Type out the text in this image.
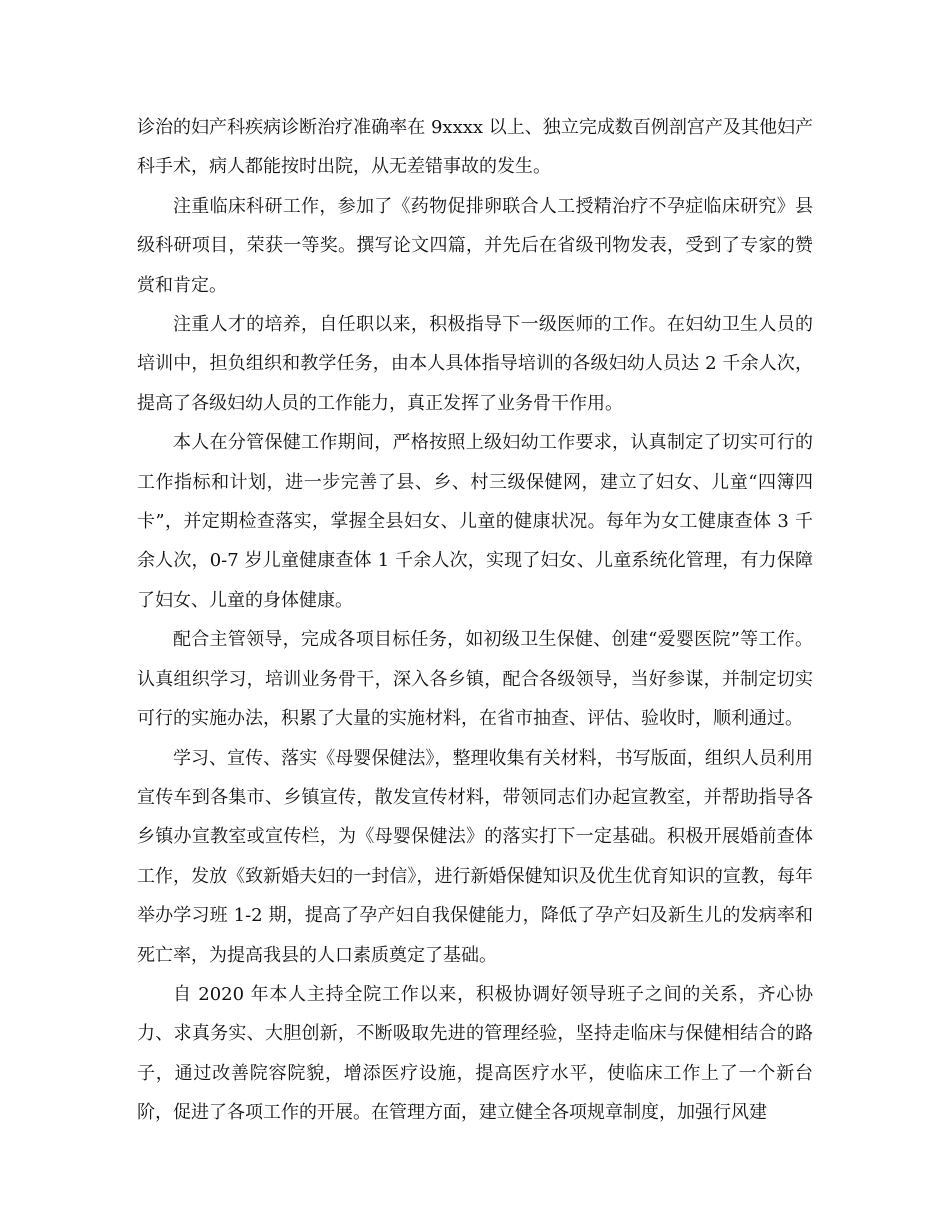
诊治的妇产科疾病诊断治疗准确率在 9xxxx 以上、独立完成数百例剖宫产及其他妇产科手术，病人都能按时出院，从无差错事故的发生。

注重临床科研工作，参加了《药物促排卵联合人工授精治疗不孕症临床研究》县级科研项目，荣获一等奖。撰写论文四篇，并先后在省级刊物发表，受到了专家的赞赏和肯定。

注重人才的培养，自任职以来，积极指导下一级医师的工作。在妇幼卫生人员的培训中，担负组织和教学任务，由本人具体指导培训的各级妇幼人员达 2 千余人次，提高了各级妇幼人员的工作能力，真正发挥了业务骨干作用。

本人在分管保健工作期间，严格按照上级妇幼工作要求，认真制定了切实可行的工作指标和计划，进一步完善了县、乡、村三级保健网，建立了妇女、儿童“四簿四卡”，并定期检查落实，掌握全县妇女、儿童的健康状况。每年为女工健康查体 3 千余人次，0-7 岁儿童健康查体 1 千余人次，实现了妇女、儿童系统化管理，有力保障了妇女、儿童的身体健康。

配合主管领导，完成各项目标任务，如初级卫生保健、创建“爱婴医院”等工作。认真组织学习，培训业务骨干，深入各乡镇，配合各级领导，当好参谋，并制定切实可行的实施办法，积累了大量的实施材料，在省市抽查、评估、验收时，顺利通过。

学习、宣传、落实《母婴保健法》，整理收集有关材料，书写版面，组织人员利用宣传车到各集市、乡镇宣传，散发宣传材料，带领同志们办起宣教室，并帮助指导各乡镇办宣教室或宣传栏，为《母婴保健法》的落实打下一定基础。积极开展婚前查体工作，发放《致新婚夫妇的一封信》，进行新婚保健知识及优生优育知识的宣教，每年举办学习班 1-2 期，提高了孕产妇自我保健能力，降低了孕产妇及新生儿的发病率和死亡率，为提高我县的人口素质奠定了基础。

自 2020 年本人主持全院工作以来，积极协调好领导班子之间的关系，齐心协力、求真务实、大胆创新，不断吸取先进的管理经验，坚持走临床与保健相结合的路子，通过改善院容院貌，增添医疗设施，提高医疗水平，使临床工作上了一个新台阶，促进了各项工作的开展。在管理方面，建立健全各项规章制度，加强行风建
